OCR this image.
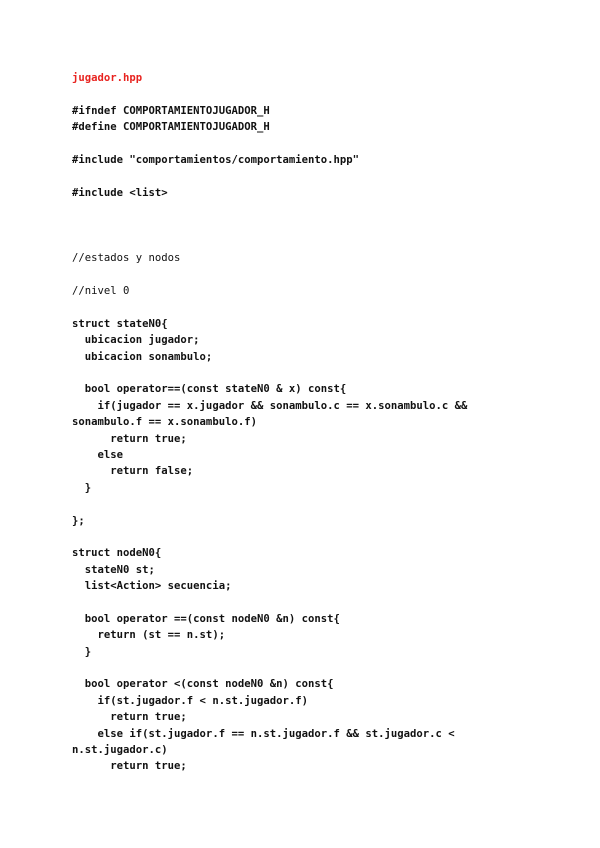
jugador.hpp
#ifndef COMPORTAMIENTOJUGADOR_H
#define COMPORTAMIENTOJUGADOR_H
#include "comportamientos/comportamiento.hpp"
#include <list>
//estados y nodos
//nivel 0
struct stateN0{
ubicacion jugador;
ubicacion sonambulo;
bool operator==(const stateN0 & x) const{
if(jugador == x.jugador && sonambulo.c == x.sonambulo.c &&
sonambulo.f == x.sonambulo.f)
return true;
else
return false;
}
};
struct nodeN0{
stateN0 st;
list<Action> secuencia;
bool operator ==(const nodeN0 &n) const{
return (st == n.st);
}
bool operator <(const nodeN0 &n) const{
if(st.jugador.f < n.st.jugador.f)
return true;
else if(st.jugador.f == n.st.jugador.f && st.jugador.c <
n.st.jugador.c)
return true;
